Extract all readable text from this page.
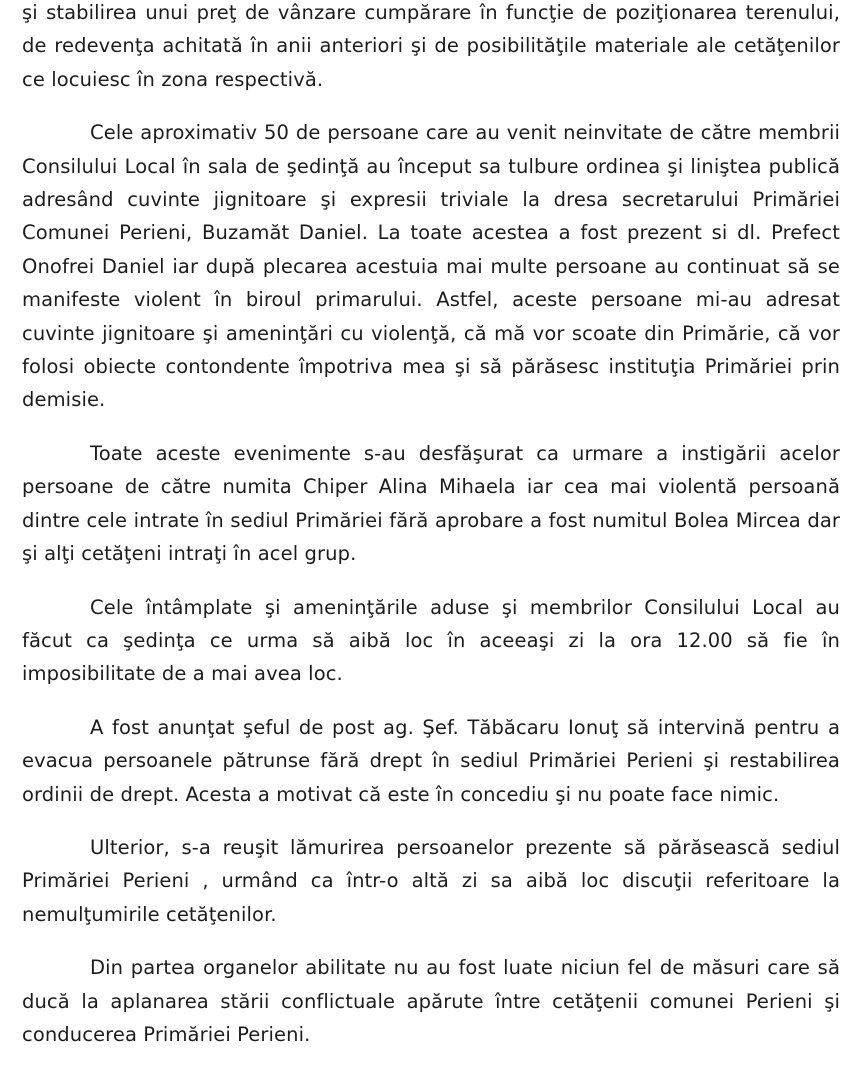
şi stabilirea unui preţ de vânzare cumpărare în funcţie de poziţionarea terenului, de redevenţa achitată în anii anteriori şi de posibilităţile materiale ale cetăţenilor ce locuiesc în zona respectivă.

Cele aproximativ 50 de persoane care au venit neinvitate de către membrii Consilului Local în sala de şedinţă au început sa tulbure ordinea şi liniştea publică adresând cuvinte jignitoare şi expresii triviale la dresa secretarului Primăriei Comunei Perieni, Buzamăt Daniel. La toate acestea a fost prezent si dl. Prefect Onofrei Daniel iar după plecarea acestuia mai multe persoane au continuat să se manifeste violent în biroul primarului. Astfel, aceste persoane mi-au adresat cuvinte jignitoare şi ameninţări cu violenţă, că mă vor scoate din Primărie, că vor folosi obiecte contondente împotriva mea şi să părăsesc instituţia Primăriei prin demisie.

Toate aceste evenimente s-au desfăşurat ca urmare a instigării acelor persoane de către numita Chiper Alina Mihaela iar cea mai violentă persoană dintre cele intrate în sediul Primăriei fără aprobare a fost numitul Bolea Mircea dar şi alţi cetăţeni intraţi în acel grup.

Cele întâmplate şi ameninţările aduse şi membrilor Consilului Local au făcut ca şedinţa ce urma să aibă loc în aceeaşi zi la ora 12.00 să fie în imposibilitate de a mai avea loc.

A fost anunţat şeful de post ag. Şef. Tăbăcaru Ionuţ să intervină pentru a evacua persoanele pătrunse fără drept în sediul Primăriei Perieni şi restabilirea ordinii de drept. Acesta a motivat că este în concediu şi nu poate face nimic.

Ulterior, s-a reuşit lămurirea persoanelor prezente să părăsească sediul Primăriei Perieni , urmând ca într-o altă zi sa aibă loc discuţii referitoare la nemulţumirile cetăţenilor.

Din partea organelor abilitate nu au fost luate niciun fel de măsuri care să ducă la aplanarea stării conflictuale apărute între cetăţenii comunei Perieni şi conducerea Primăriei Perieni.
